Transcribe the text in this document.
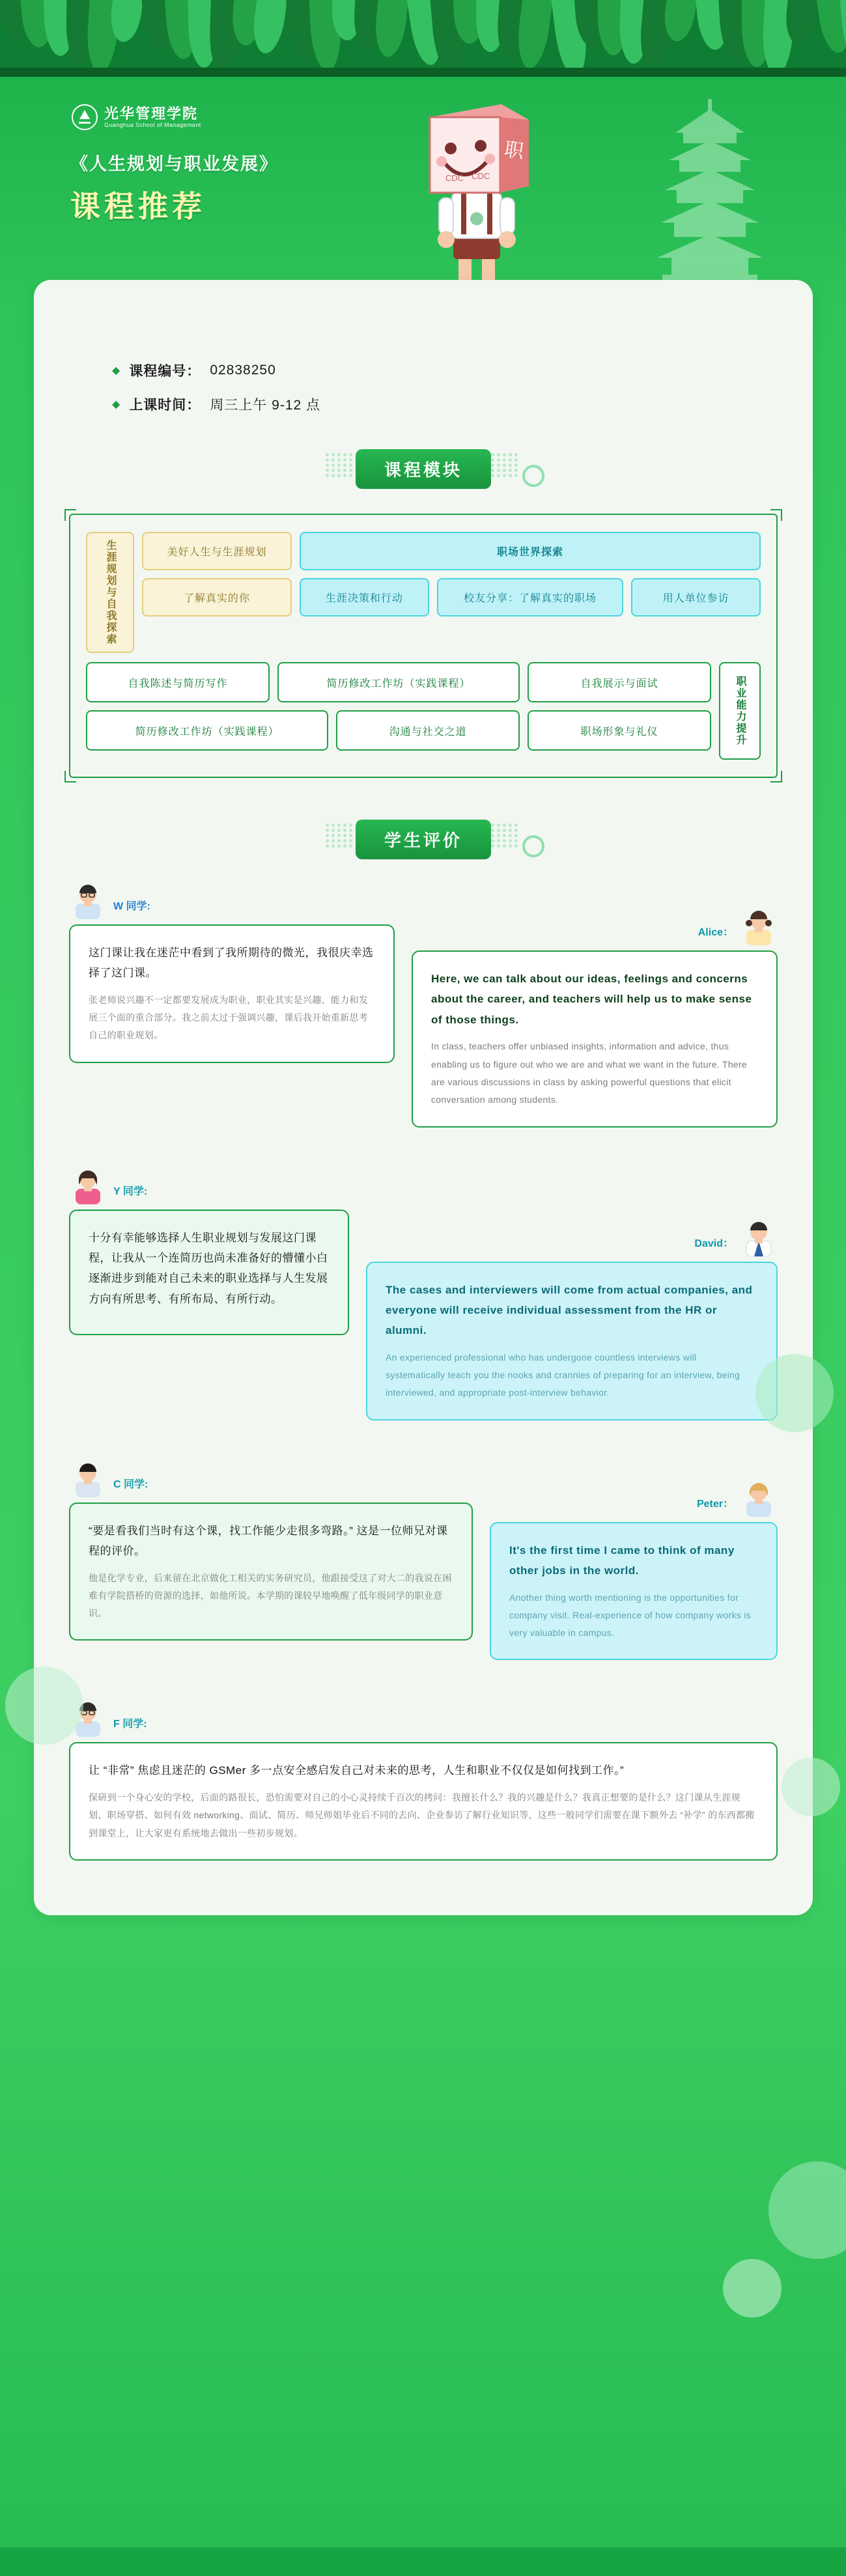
光华管理学院
Guanghua School of Management
《人生规划与职业发展》
课程推荐
职
CDC CDC
◆ 课程编号： 02838250
◆ 上课时间： 周三上午 9-12 点
课程模块
生涯规划与自我探索	美好人生与生涯规划	职场世界探索
了解真实的你	生涯决策和行动	校友分享：了解真实的职场	用人单位参访
自我陈述与简历写作	简历修改工作坊（实践课程）	自我展示与面试
简历修改工作坊（实践课程）	沟通与社交之道	职场形象与礼仪	职业能力提升
学生评价
W 同学:
这门课让我在迷茫中看到了我所期待的微光，我很庆幸选择了这门课。
张老师说兴趣不一定都要发展成为职业，职业其实是兴趣、能力和发展三个面的重合部分。我之前太过于强调兴趣，课后我开始重新思考自己的职业规划。
Alice：
Here, we can talk about our ideas, feelings and concerns about the career, and teachers will help us to make sense of those things.
In class, teachers offer unbiased insights, information and advice, thus enabling us to figure out who we are and what we want in the future. There are various discussions in class by asking powerful questions that elicit conversation among students.
Y 同学:
十分有幸能够选择人生职业规划与发展这门课程，让我从一个连简历也尚未准备好的懵懂小白逐渐进步到能对自己未来的职业选择与人生发展方向有所思考、有所布局、有所行动。
David：
The cases and interviewers will come from actual companies, and everyone will receive individual assessment from the HR or alumni.
An experienced professional who has undergone countless interviews will systematically teach you the nooks and crannies of preparing for an interview, being interviewed, and appropriate post-interview behavior.
C 同学:
“要是看我们当时有这个课，找工作能少走很多弯路。” 这是一位师兄对课程的评价。
他是化学专业，后来留在北京做化工相关的实务研究员，他跟接受这了对大二的我说在困难有学院搭桥的资源的选择，如他所说。本学期的课较早地唤醒了低年级同学的职业意识。
Peter：
It's the first time I came to think of many other jobs in the world.
Another thing worth mentioning is the opportunities for company visit. Real-experience of how company works is very valuable in campus.
F 同学:
让 “非常” 焦虑且迷茫的 GSMer 多一点安全感启发自己对未来的思考，人生和职业不仅仅是如何找到工作。”
保研到一个身心安的学校，后面的路很长，恐怕需要对自己的小心灵持续千百次的拷问：我擅长什么？我的兴趣是什么？我真正想要的是什么？这门课从生涯规划、职场穿搭、如何有效 networking、面试、简历、师兄师姐毕业后不同的去向、企业参访了解行业知识等，这些一般同学们需要在课下额外去 “补学” 的东西都搬到课堂上，让大家更有系统地去做出一些初步规划。
